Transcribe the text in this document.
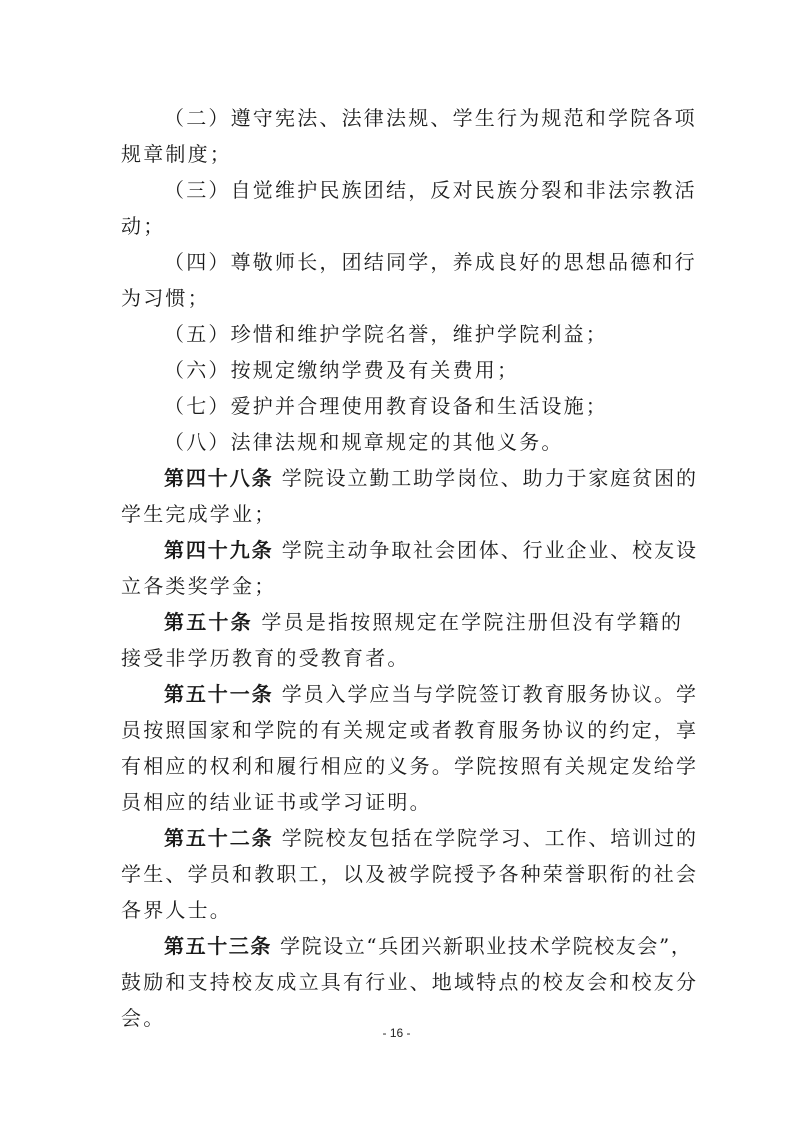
（二）遵守宪法、法律法规、学生行为规范和学院各项
规章制度；
（三）自觉维护民族团结，反对民族分裂和非法宗教活
动；
（四）尊敬师长，团结同学，养成良好的思想品德和行
为习惯；
（五）珍惜和维护学院名誉，维护学院利益；
（六）按规定缴纳学费及有关费用；
（七）爱护并合理使用教育设备和生活设施；
（八）法律法规和规章规定的其他义务。
第四十八条 学院设立勤工助学岗位、助力于家庭贫困的
学生完成学业；
第四十九条 学院主动争取社会团体、行业企业、校友设
立各类奖学金；
第五十条 学员是指按照规定在学院注册但没有学籍的
接受非学历教育的受教育者。
第五十一条 学员入学应当与学院签订教育服务协议。学
员按照国家和学院的有关规定或者教育服务协议的约定，享
有相应的权利和履行相应的义务。学院按照有关规定发给学
员相应的结业证书或学习证明。
第五十二条 学院校友包括在学院学习、工作、培训过的
学生、学员和教职工，以及被学院授予各种荣誉职衔的社会
各界人士。
第五十三条 学院设立“兵团兴新职业技术学院校友会”，
鼓励和支持校友成立具有行业、地域特点的校友会和校友分
会。
- 16 -
